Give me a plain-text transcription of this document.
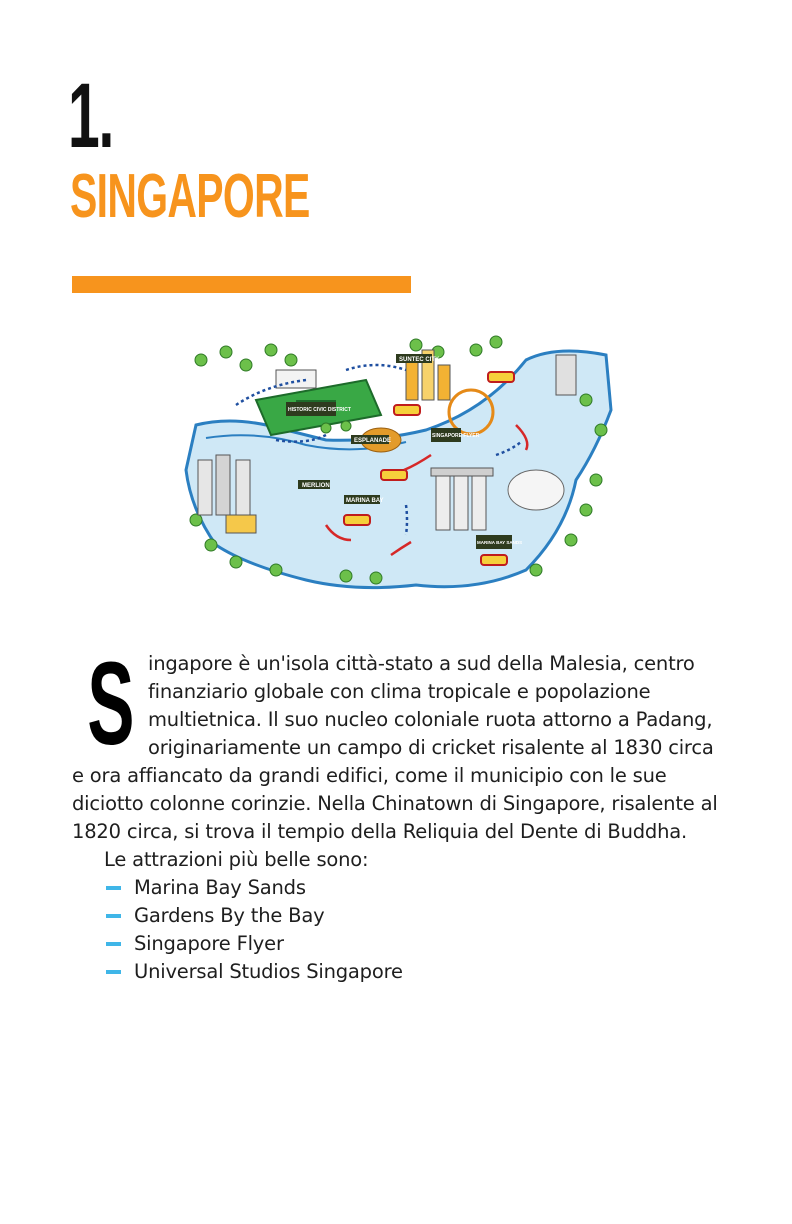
1.
SINGAPORE
SUNTEC CITY
HISTORIC CIVIC DISTRICT
ESPLANADE
SINGAPORE FLYER
MERLION
MARINA BAY
MARINA BAY SANDS
S ingapore è un'isola città-stato a sud della Malesia, centro finanziario globale con clima tropicale e popolazione multietnica. Il suo nucleo coloniale ruota attorno a Padang, originariamente un campo di cricket risalente al 1830 circa e ora affiancato da grandi edifici, come il municipio con le sue diciotto colonne corinzie. Nella Chinatown di Singapore, risalente al 1820 circa, si trova il tempio della Reliquia del Dente di Buddha.
Le attrazioni più belle sono:
Marina Bay Sands
Gardens By the Bay
Singapore Flyer
Universal Studios Singapore
